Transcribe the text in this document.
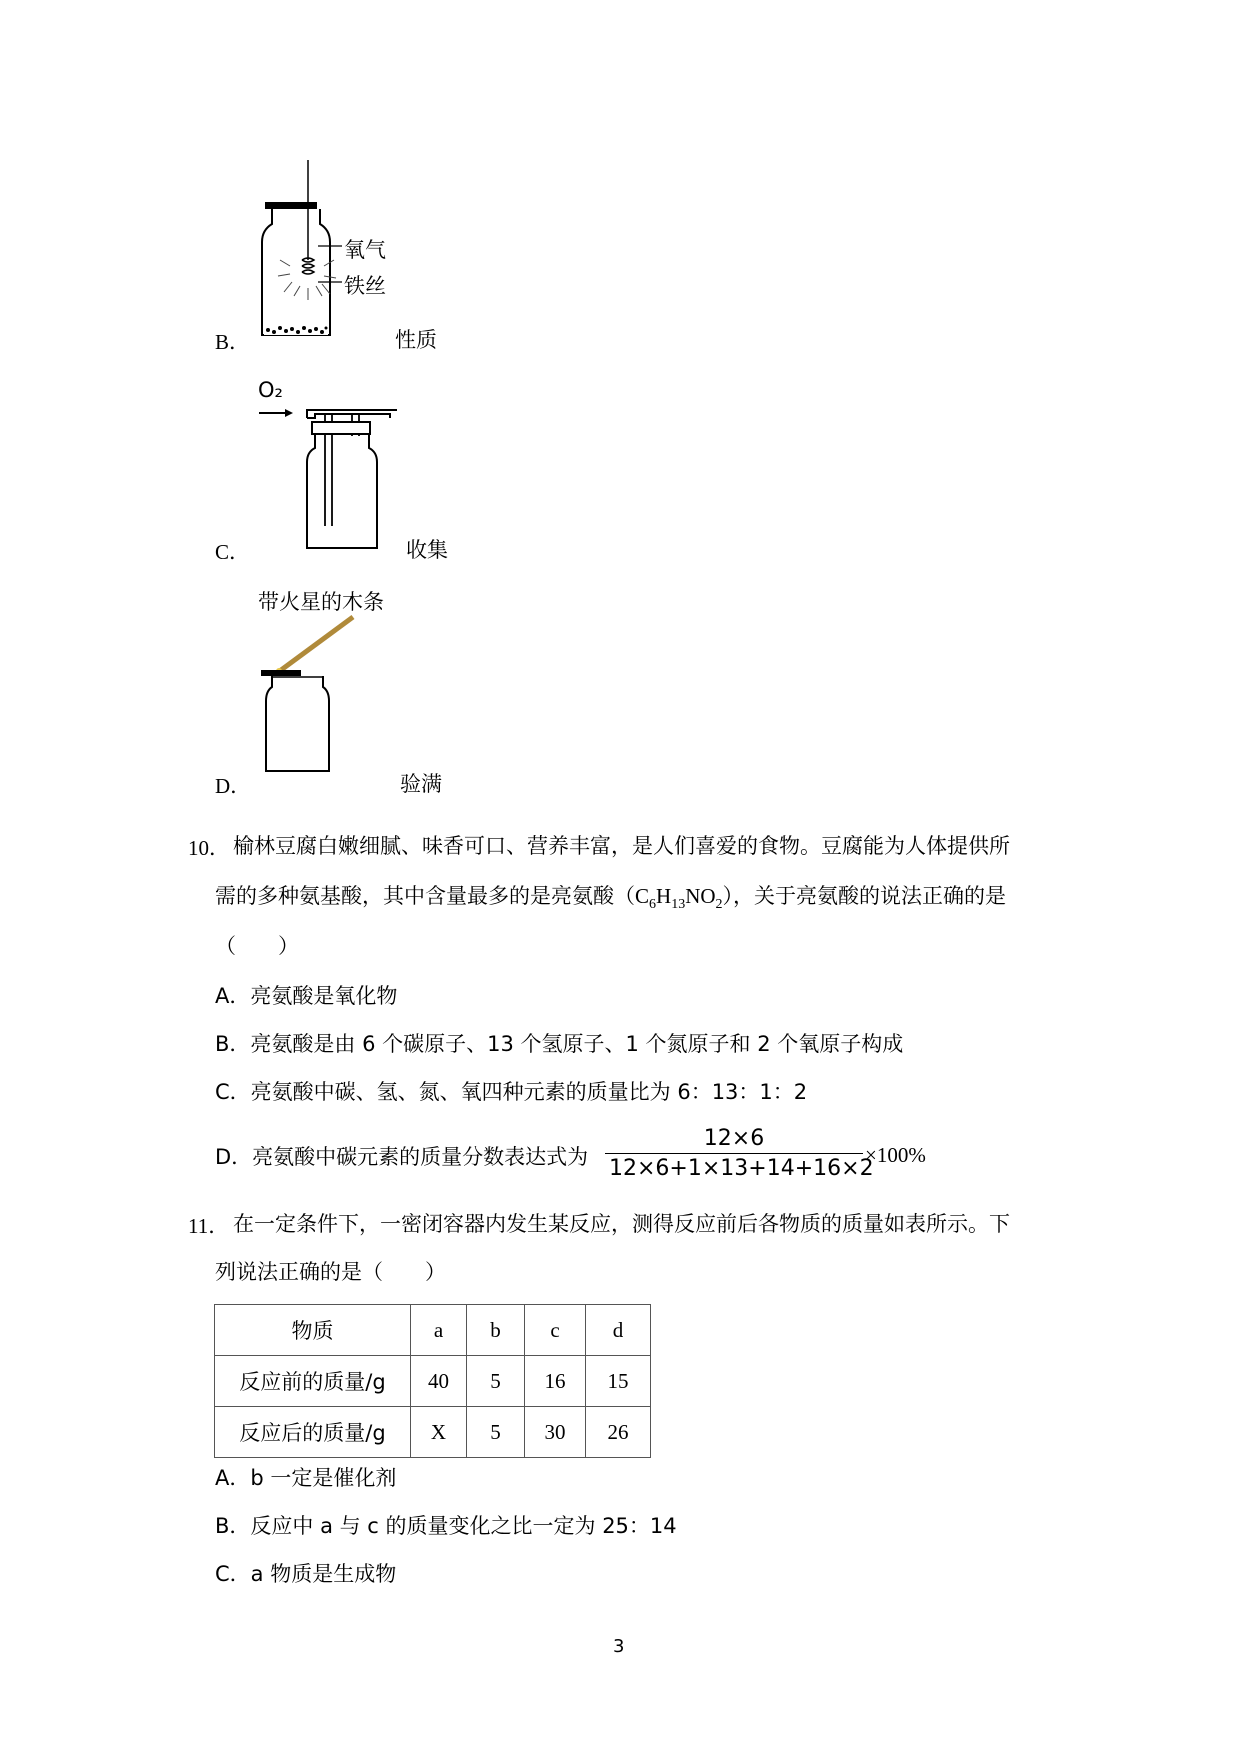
氧气
铁丝
B．	性质
O₂
C．	收集
带火星的木条
D．	验满
10． 榆林豆腐白嫩细腻、味香可口、营养丰富，是人们喜爱的食物。豆腐能为人体提供所
需的多种氨基酸，其中含量最多的是亮氨酸$(C_6H_{13}NO_2)$，关于亮氨酸的说法正确的是
（　　）
A．亮氨酸是氧化物
B．亮氨酸是由 6 个碳原子、13 个氢原子、1 个氮原子和 2 个氧原子构成
C．亮氨酸中碳、氢、氮、氧四种元素的质量比为 6：13：1：2
D．亮氨酸中碳元素的质量分数表达式为 $\frac{12\times 6}{12\times 6+1\times 13+14+16\times 2} \times 100\%$
11． 在一定条件下，一密闭容器内发生某反应，测得反应前后各物质的质量如表所示。下
列说法正确的是（　　）
物质	a	b	c	d
反应前的质量/g	40	5	16	15
反应后的质量/g	X	5	30	26
A．b 一定是催化剂
B．反应中 a 与 c 的质量变化之比一定为 25：14
C．a 物质是生成物
3
